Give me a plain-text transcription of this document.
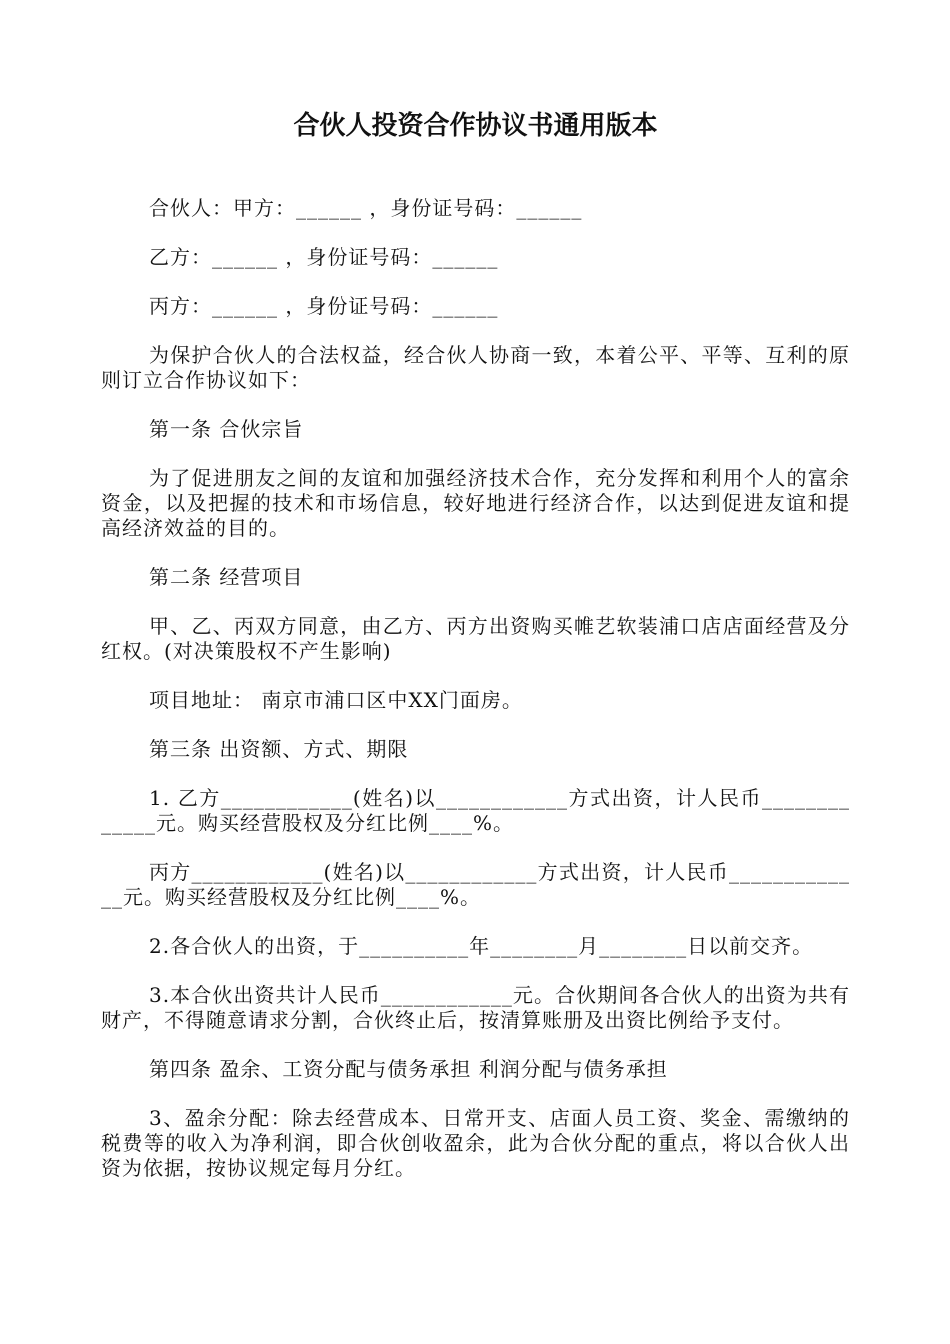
合伙人投资合作协议书通用版本

合伙人：甲方：______ ，身份证号码：______

乙方：______ ，身份证号码：______

丙方：______ ，身份证号码：______

为保护合伙人的合法权益，经合伙人协商一致，本着公平、平等、互利的原则订立合作协议如下：

第一条 合伙宗旨

为了促进朋友之间的友谊和加强经济技术合作，充分发挥和利用个人的富余资金，以及把握的技术和市场信息，较好地进行经济合作，以达到促进友谊和提高经济效益的目的。

第二条 经营项目

甲、乙、丙双方同意，由乙方、丙方出资购买帷艺软装浦口店店面经营及分红权。(对决策股权不产生影响)

项目地址： 南京市浦口区中XX门面房。

第三条 出资额、方式、期限

1. 乙方____________(姓名)以____________方式出资，计人民币_____________元。购买经营股权及分红比例____%。

丙方____________(姓名)以____________方式出资，计人民币_____________元。购买经营股权及分红比例____%。

2.各合伙人的出资，于__________年________月________日以前交齐。

3.本合伙出资共计人民币____________元。合伙期间各合伙人的出资为共有财产，不得随意请求分割，合伙终止后，按清算账册及出资比例给予支付。

第四条 盈余、工资分配与债务承担 利润分配与债务承担

3、盈余分配：除去经营成本、日常开支、店面人员工资、奖金、需缴纳的税费等的收入为净利润，即合伙创收盈余，此为合伙分配的重点，将以合伙人出资为依据，按协议规定每月分红。
